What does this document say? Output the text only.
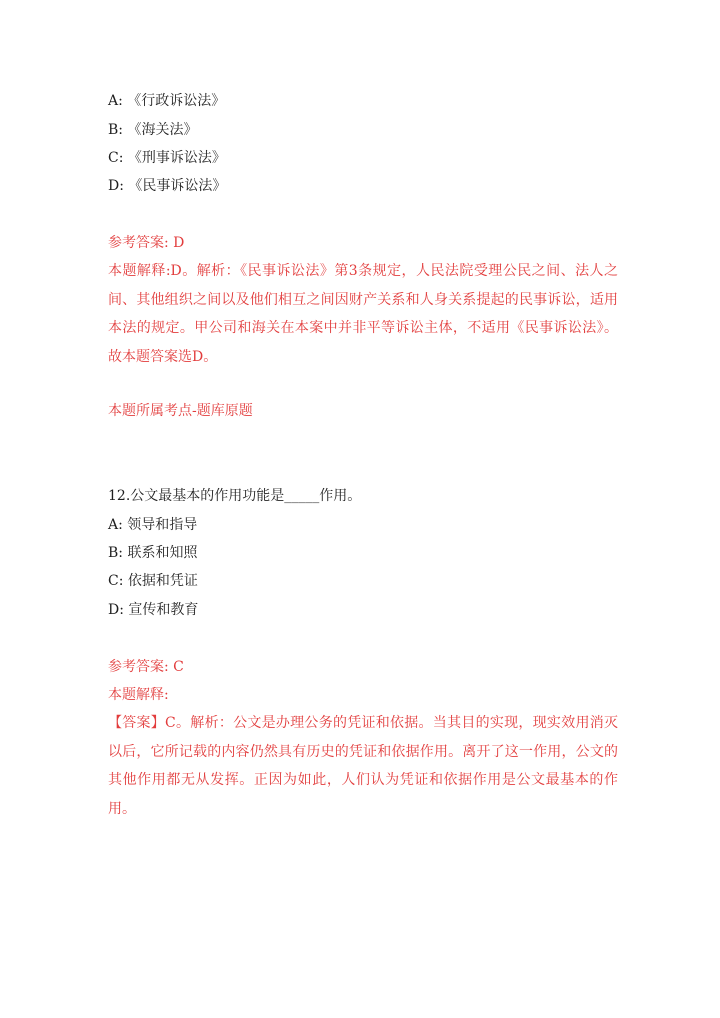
A: 《行政诉讼法》
B: 《海关法》
C: 《刑事诉讼法》
D: 《民事诉讼法》
参考答案: D
本题解释:D。解析：《民事诉讼法》第3条规定，人民法院受理公民之间、法人之间、其他组织之间以及他们相互之间因财产关系和人身关系提起的民事诉讼，适用本法的规定。甲公司和海关在本案中并非平等诉讼主体，不适用《民事诉讼法》。故本题答案选D。
本题所属考点-题库原题
12.公文最基本的作用功能是_____作用。
A: 领导和指导
B: 联系和知照
C: 依据和凭证
D: 宣传和教育
参考答案: C
本题解释:
【答案】C。解析：公文是办理公务的凭证和依据。当其目的实现，现实效用消灭以后，它所记载的内容仍然具有历史的凭证和依据作用。离开了这一作用，公文的其他作用都无从发挥。正因为如此，人们认为凭证和依据作用是公文最基本的作用。
